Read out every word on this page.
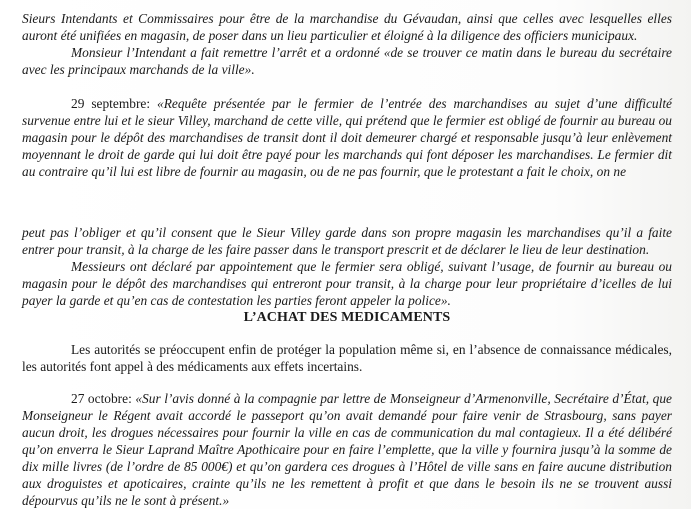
Sieurs Intendants et Commissaires pour être de la marchandise du Gévaudan, ainsi que celles avec lesquelles elles auront été unifiées en magasin, de poser dans un lieu particulier et éloigné à la diligence des officiers municipaux.

Monsieur l’Intendant a fait remettre l’arrêt et a ordonné «de se trouver ce matin dans le bureau du secrétaire avec les principaux marchands de la ville».

29 septembre: «Requête présentée par le fermier de l’entrée des marchandises au sujet d’une difficulté survenue entre lui et le sieur Villey, marchand de cette ville, qui prétend que le fermier est obligé de fournir au bureau ou magasin pour le dépôt des marchandises de transit dont il doit demeurer chargé et responsable jusqu’à leur enlèvement moyennant le droit de garde qui lui doit être payé pour les marchands qui font déposer les marchandises. Le fermier dit au contraire qu’il lui est libre de fournir au magasin, ou de ne pas fournir, que le protestant a fait le choix, on ne

peut pas l’obliger et qu’il consent que le Sieur Villey garde dans son propre magasin les marchandises qu’il a faite entrer pour transit, à la charge de les faire passer dans le transport prescrit et de déclarer le lieu de leur destination.

Messieurs ont déclaré par appointement que le fermier sera obligé, suivant l’usage, de fournir au bureau ou magasin pour le dépôt des marchandises qui entreront pour transit, à la charge pour leur propriétaire d’icelles de lui payer la garde et qu’en cas de contestation les parties feront appeler la police».

L’ACHAT DES MEDICAMENTS

Les autorités se préoccupent enfin de protéger la population même si, en l’absence de connaissance médicales, les autorités font appel à des médicaments aux effets incertains.

27 octobre: «Sur l’avis donné à la compagnie par lettre de Monseigneur d’Armenonville, Secrétaire d’État, que Monseigneur le Régent avait accordé le passeport qu’on avait demandé pour faire venir de Strasbourg, sans payer aucun droit, les drogues nécessaires pour fournir la ville en cas de communication du mal contagieux. Il a été délibéré qu’on enverra le Sieur Laprand Maître Apothicaire pour en faire l’emplette, que la ville y fournira jusqu’à la somme de dix mille livres (de l’ordre de 85 000€) et qu’on gardera ces drogues à l’Hôtel de ville sans en faire aucune distribution aux droguistes et apoticaires, crainte qu’ils ne les remettent à profit et que dans le besoin ils ne se trouvent aussi dépourvus qu’ils ne le sont à présent.»
